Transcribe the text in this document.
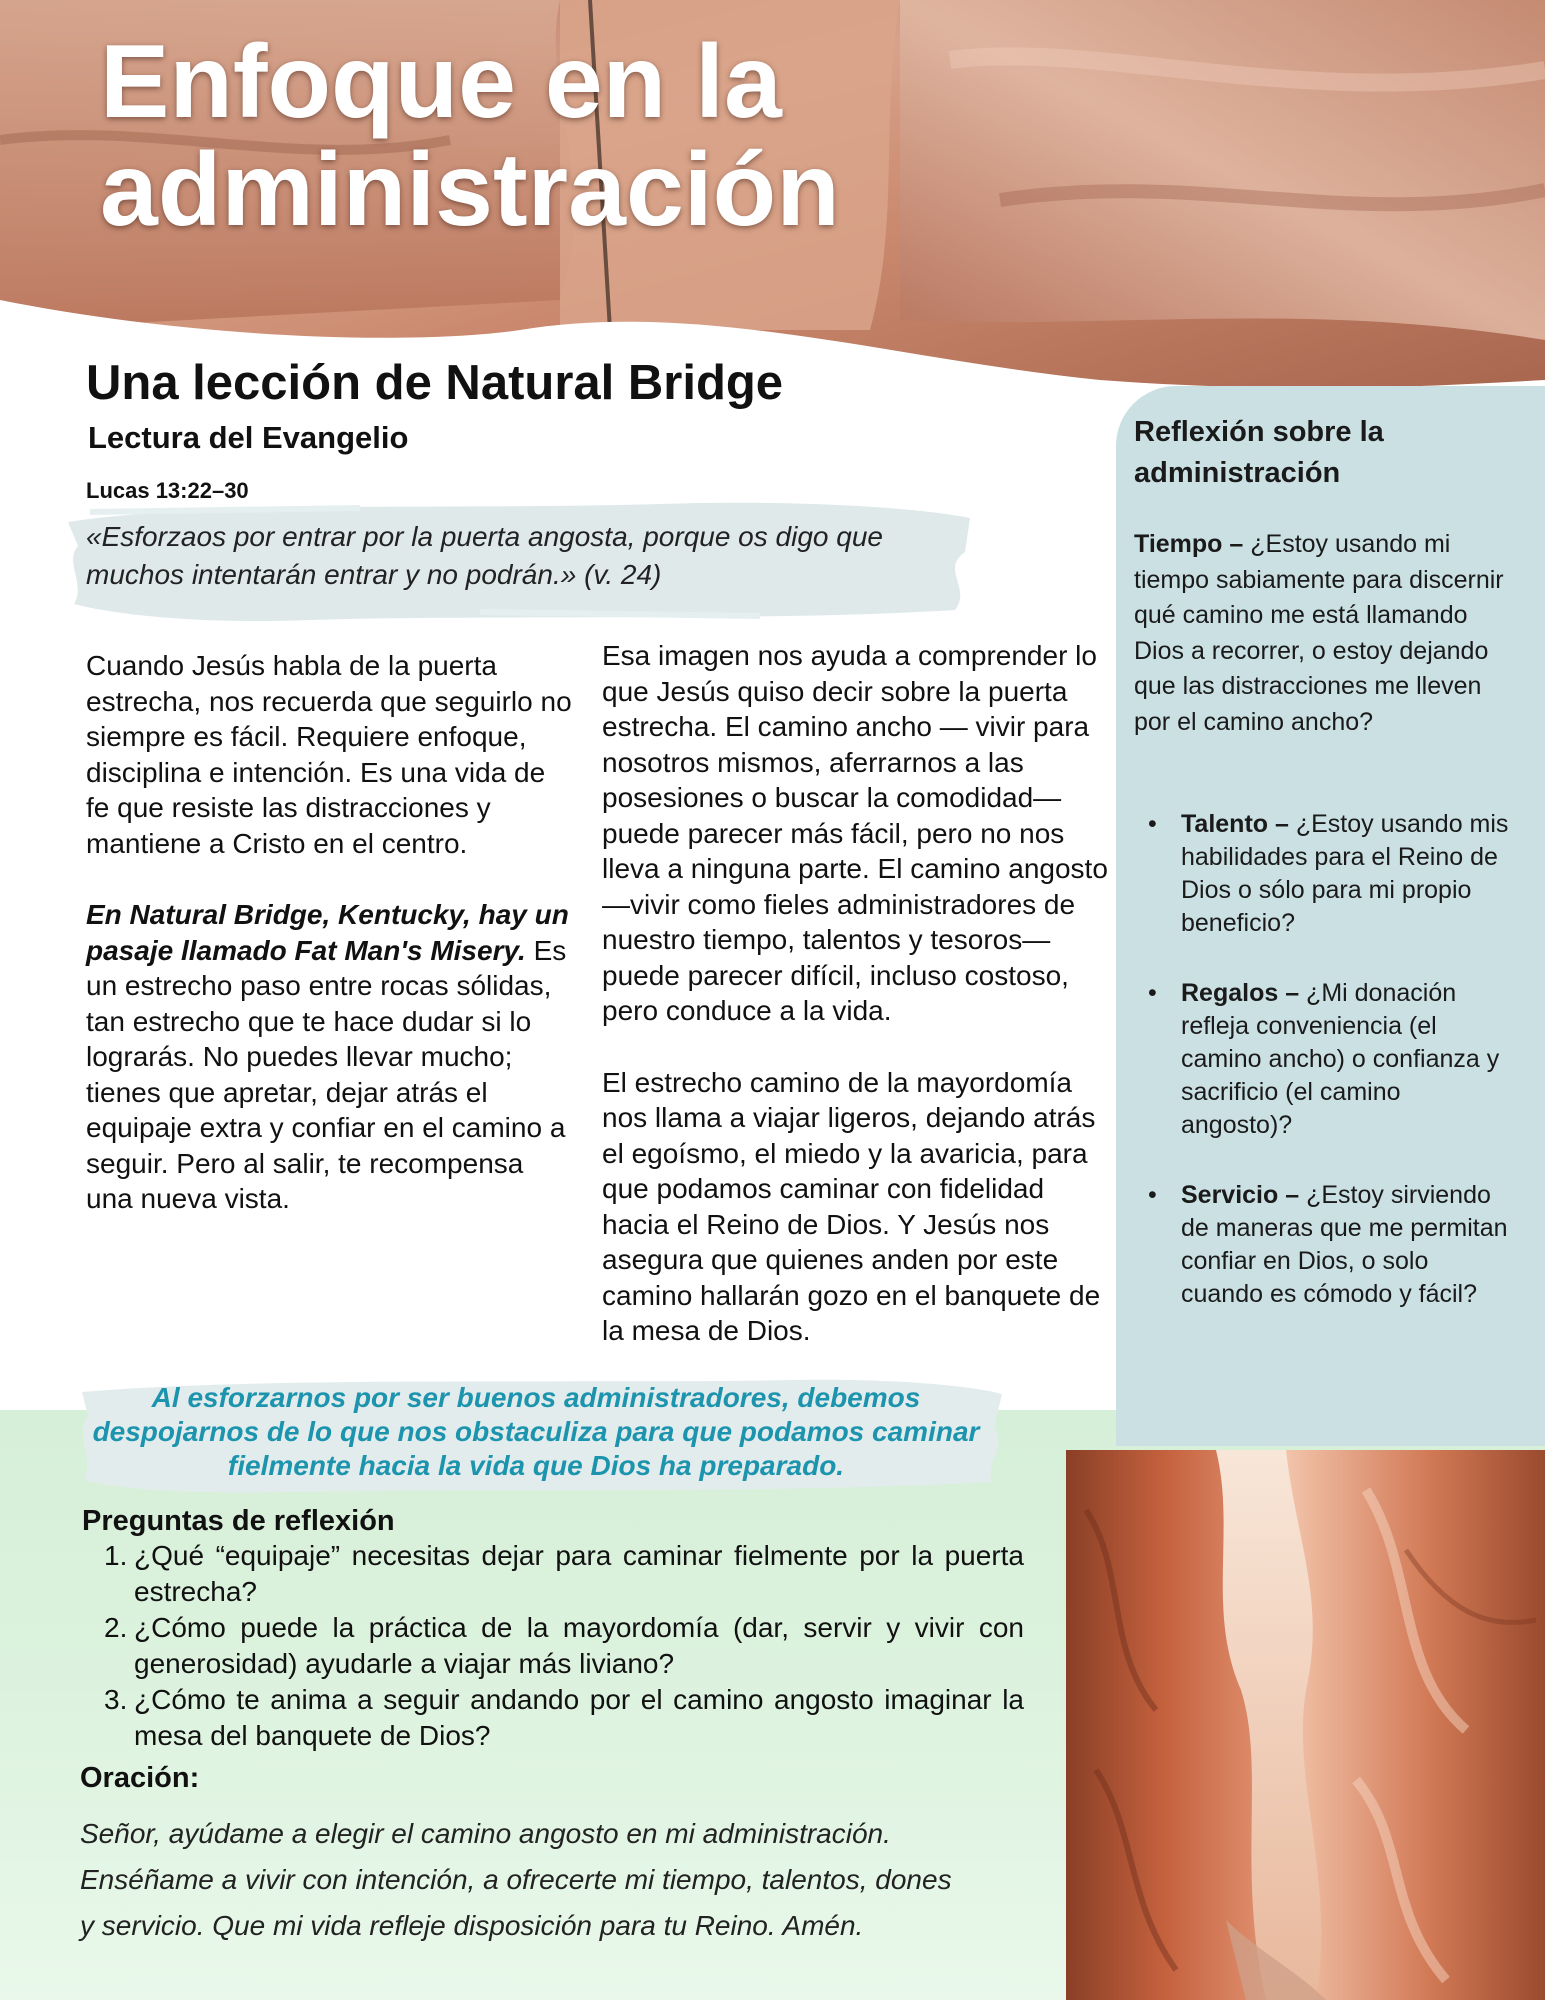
Enfoque en la
administración
Reflexión sobre la administración
Tiempo – ¿Estoy usando mi tiempo sabiamente para discernir qué camino me está llamando Dios a recorrer, o estoy dejando que las distracciones me lleven por el camino ancho?
• Talento – ¿Estoy usando mis habilidades para el Reino de Dios o sólo para mi propio beneficio?
• Regalos – ¿Mi donación refleja conveniencia (el camino ancho) o confianza y sacrificio (el camino angosto)?
• Servicio – ¿Estoy sirviendo de maneras que me permitan confiar en Dios, o solo cuando es cómodo y fácil?
Una lección de Natural Bridge
Lectura del Evangelio
Lucas 13:22–30
«Esforzaos por entrar por la puerta angosta, porque os digo que
muchos intentarán entrar y no podrán.» (v. 24)

Cuando Jesús habla de la puerta estrecha, nos recuerda que seguirlo no siempre es fácil. Requiere enfoque, disciplina e intención. Es una vida de fe que resiste las distracciones y mantiene a Cristo en el centro.

En Natural Bridge, Kentucky, hay un pasaje llamado Fat Man's Misery. Es un estrecho paso entre rocas sólidas, tan estrecho que te hace dudar si lo lograrás. No puedes llevar mucho; tienes que apretar, dejar atrás el equipaje extra y confiar en el camino a seguir. Pero al salir, te recompensa una nueva vista.

Esa imagen nos ayuda a comprender lo que Jesús quiso decir sobre la puerta estrecha. El camino ancho — vivir para nosotros mismos, aferrarnos a las posesiones o buscar la comodidad— puede parecer más fácil, pero no nos lleva a ninguna parte. El camino angosto —vivir como fieles administradores de nuestro tiempo, talentos y tesoros— puede parecer difícil, incluso costoso, pero conduce a la vida.

El estrecho camino de la mayordomía nos llama a viajar ligeros, dejando atrás el egoísmo, el miedo y la avaricia, para que podamos caminar con fidelidad hacia el Reino de Dios. Y Jesús nos asegura que quienes anden por este camino hallarán gozo en el banquete de la mesa de Dios.

Al esforzarnos por ser buenos administradores, debemos despojarnos de lo que nos obstaculiza para que podamos caminar fielmente hacia la vida que Dios ha preparado.
Preguntas de reflexión
1. ¿Qué “equipaje” necesitas dejar para caminar fielmente por la puerta estrecha?
2. ¿Cómo puede la práctica de la mayordomía (dar, servir y vivir con generosidad) ayudarle a viajar más liviano?
3. ¿Cómo te anima a seguir andando por el camino angosto imaginar la mesa del banquete de Dios?
Oración:
Señor, ayúdame a elegir el camino angosto en mi administración.
Enséñame a vivir con intención, a ofrecerte mi tiempo, talentos, dones
y servicio. Que mi vida refleje disposición para tu Reino. Amén.
